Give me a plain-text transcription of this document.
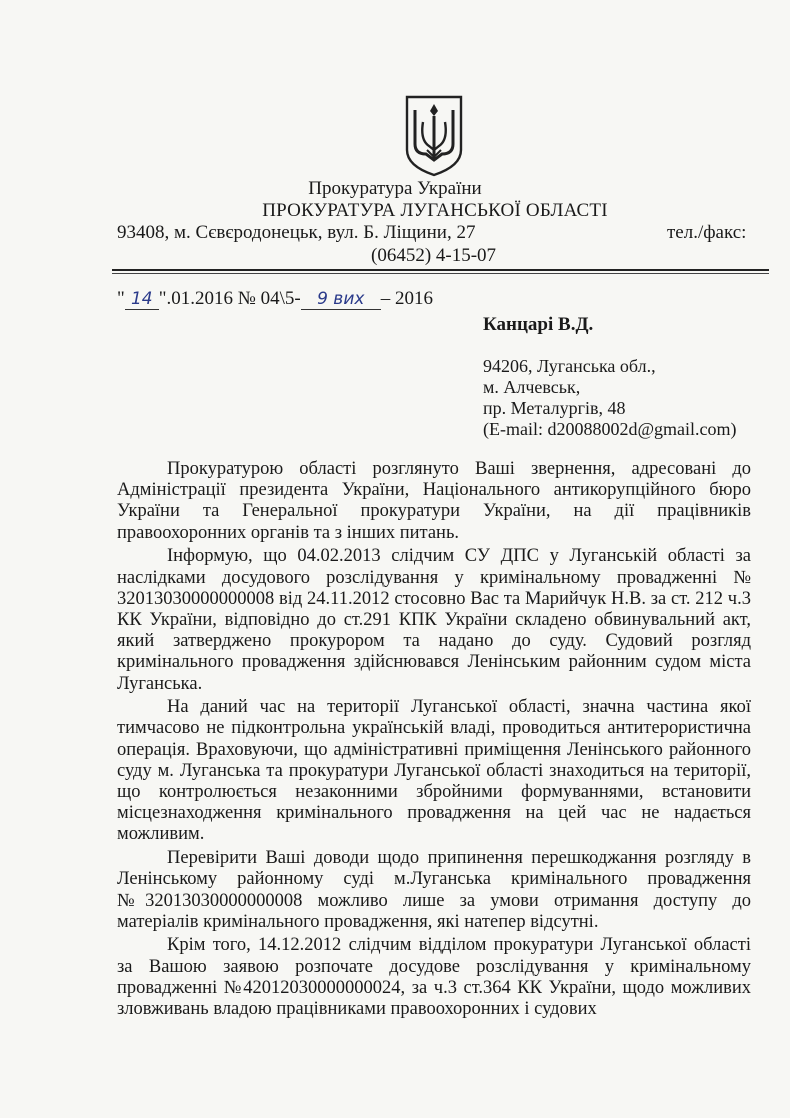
Прокуратура України
ПРОКУРАТУРА ЛУГАНСЬКОЇ ОБЛАСТІ
93408, м. Сєвєродонецьк, вул. Б. Ліщини, 27	тел./факс:
(06452) 4-15-07
" 14 ".01.2016 № 04\5- 9 вих – 2016
Канцарі В.Д.
94206, Луганська обл.,
м. Алчевськ,
пр. Металургів, 48
(E-mail: d20088002d@gmail.com)

Прокуратурою області розглянуто Ваші звернення, адресовані до Адміністрації президента України, Національного антикорупційного бюро України та Генеральної прокуратури України, на дії працівників правоохоронних органів та з інших питань.

Інформую, що 04.02.2013 слідчим СУ ДПС у Луганській області за наслідками досудового розслідування у кримінальному провадженні № 32013030000000008 від 24.11.2012 стосовно Вас та Марийчук Н.В. за ст. 212 ч.3 КК України, відповідно до ст.291 КПК України складено обвинувальний акт, який затверджено прокурором та надано до суду. Судовий розгляд кримінального провадження здійснювався Ленінським районним судом міста Луганська.

На даний час на території Луганської області, значна частина якої тимчасово не підконтрольна українській владі, проводиться антитерористична операція. Враховуючи, що адміністративні приміщення Ленінського районного суду м. Луганська та прокуратури Луганської області знаходиться на території, що контролюється незаконними збройними формуваннями, встановити місцезнаходження кримінального провадження на цей час не надається можливим.

Перевірити Ваші доводи щодо припинення перешкоджання розгляду в Ленінському районному суді м.Луганська кримінального провадження №32013030000000008 можливо лише за умови отримання доступу до матеріалів кримінального провадження, які натепер відсутні.

Крім того, 14.12.2012 слідчим відділом прокуратури Луганської області за Вашою заявою розпочате досудове розслідування у кримінальному провадженні №42012030000000024, за ч.3 ст.364 КК України, щодо можливих зловживань владою працівниками правоохоронних і судових
